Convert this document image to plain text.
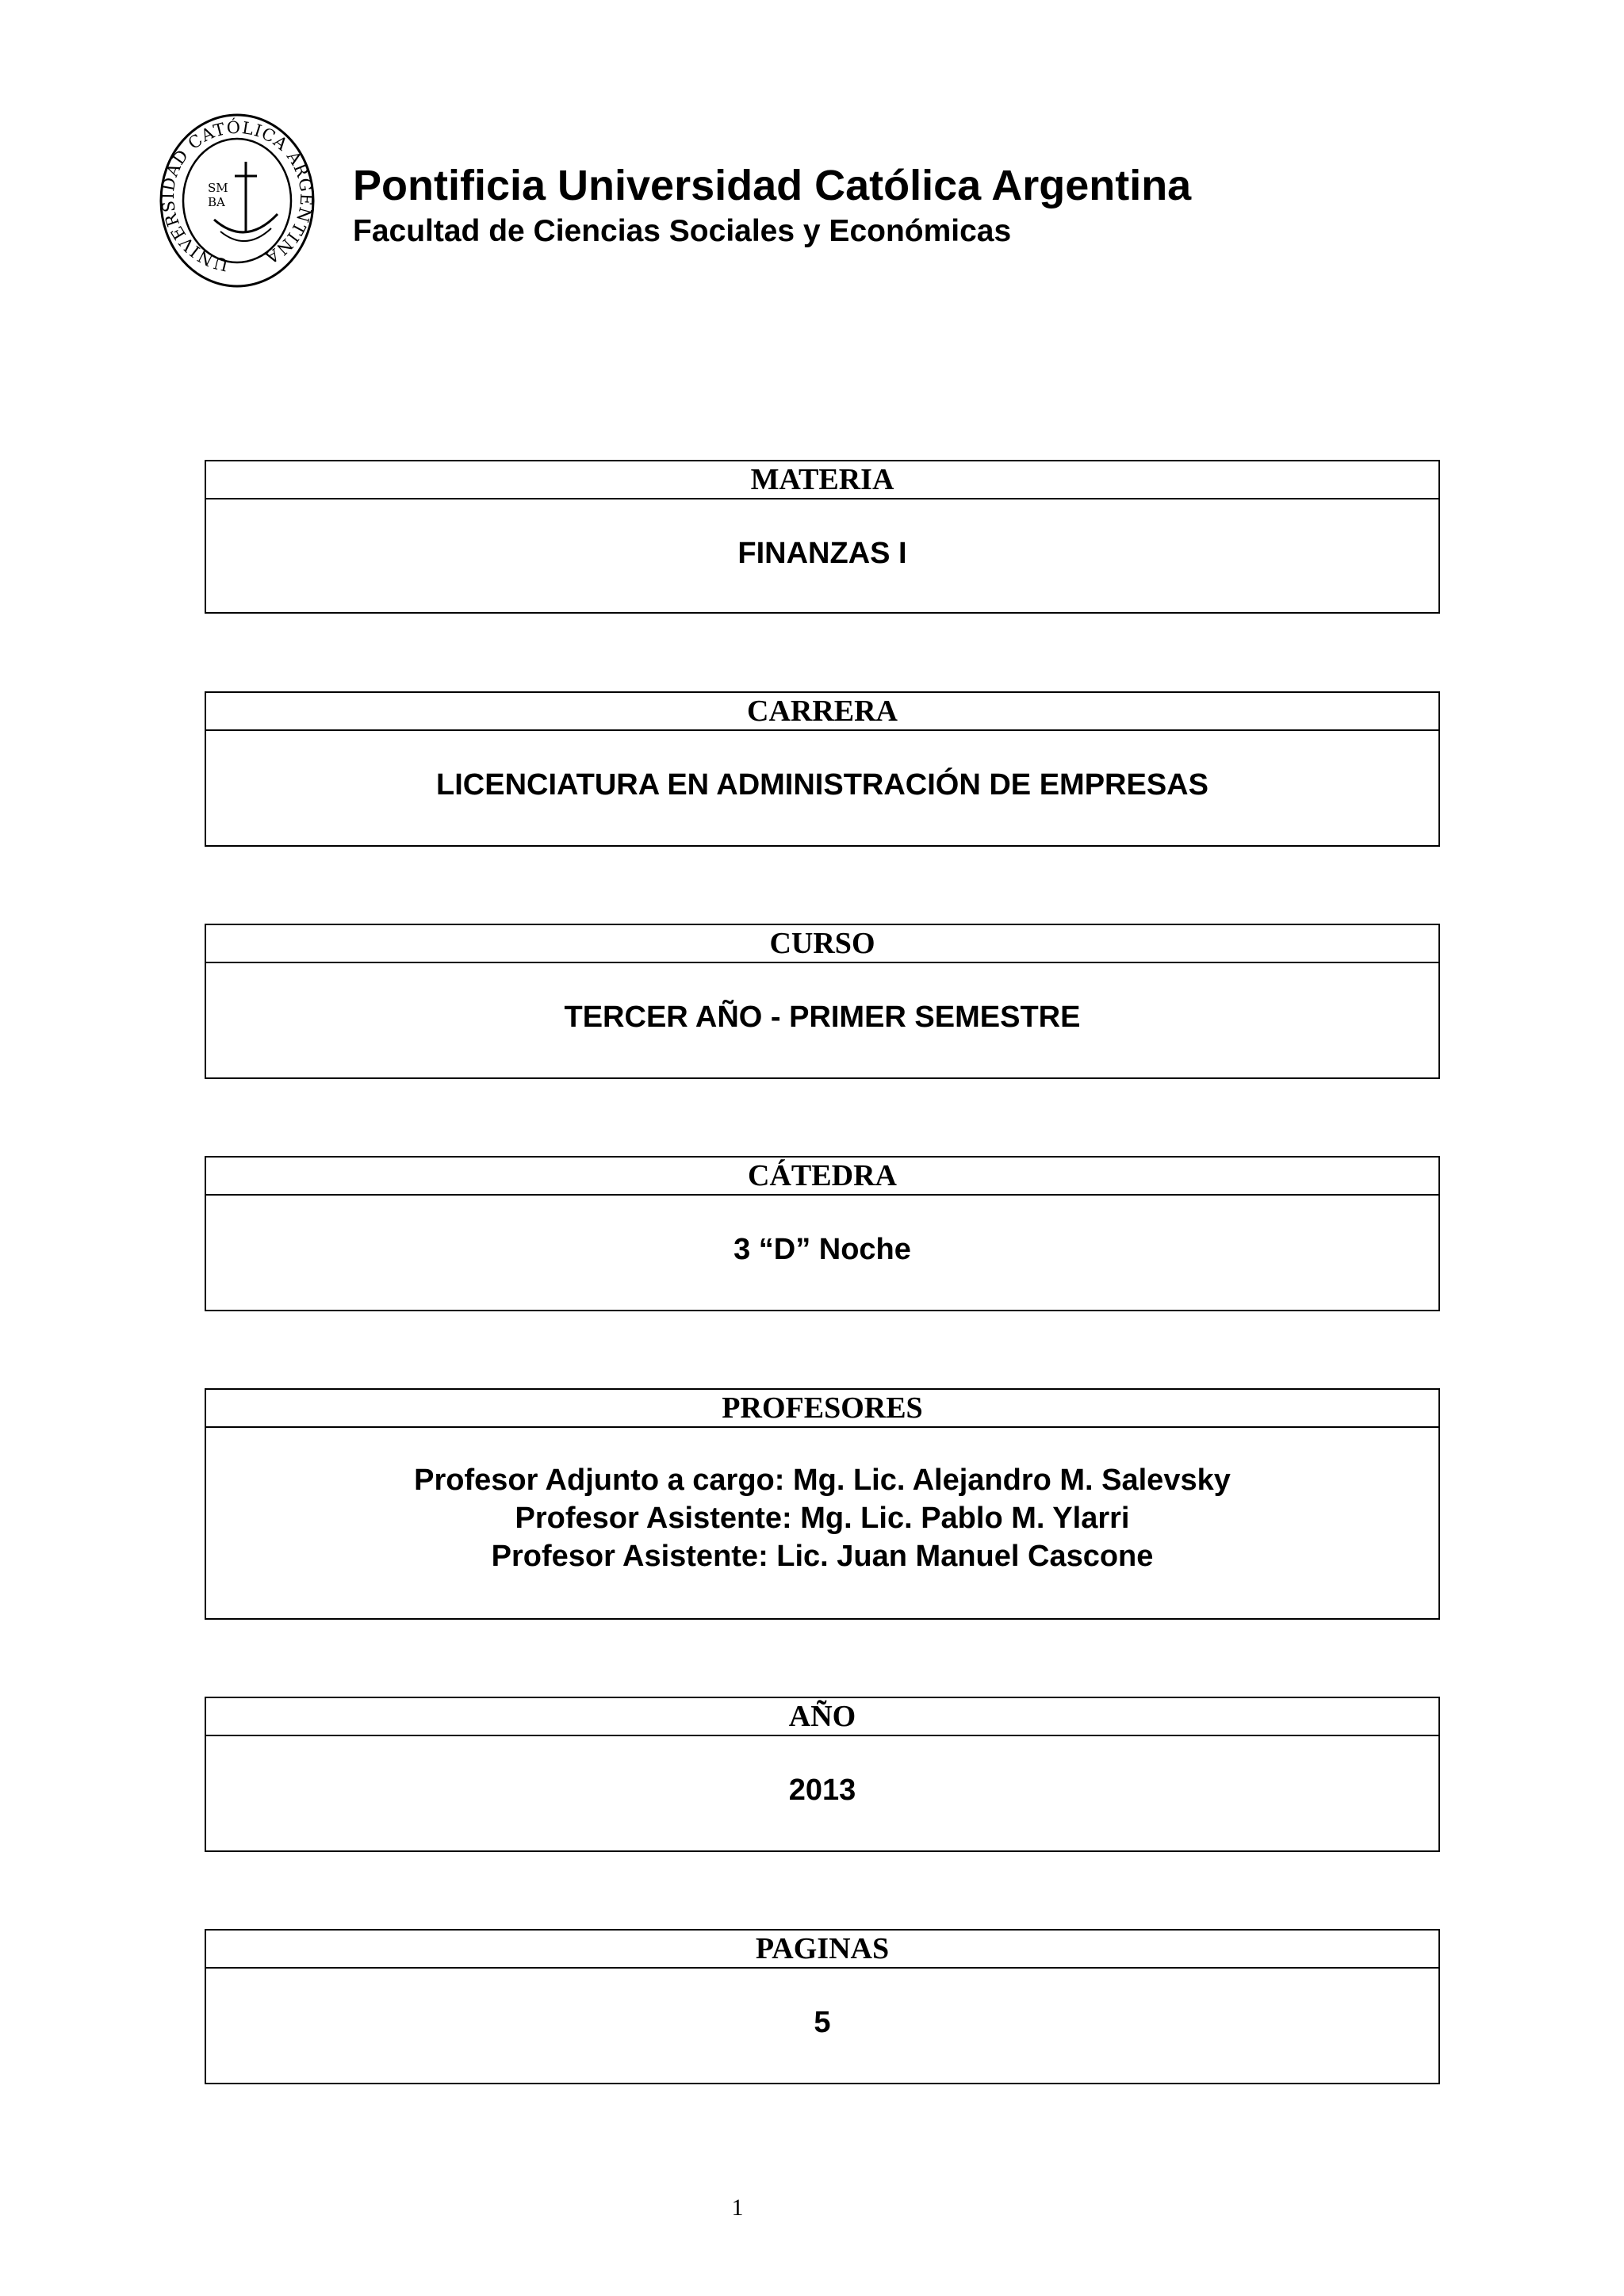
UNIVERSIDAD CATÓLICA ARGENTINA
SM
BA	Pontificia Universidad Católica Argentina
Facultad de Ciencias Sociales y Económicas
MATERIA
FINANZAS I
CARRERA
LICENCIATURA EN ADMINISTRACIÓN DE EMPRESAS
CURSO
TERCER AÑO - PRIMER SEMESTRE
CÁTEDRA
3 “D” Noche
PROFESORES
Profesor Adjunto a cargo: Mg. Lic. Alejandro M. Salevsky
Profesor Asistente: Mg. Lic. Pablo M. Ylarri
Profesor Asistente: Lic. Juan Manuel Cascone
AÑO
2013
PAGINAS
5
1
